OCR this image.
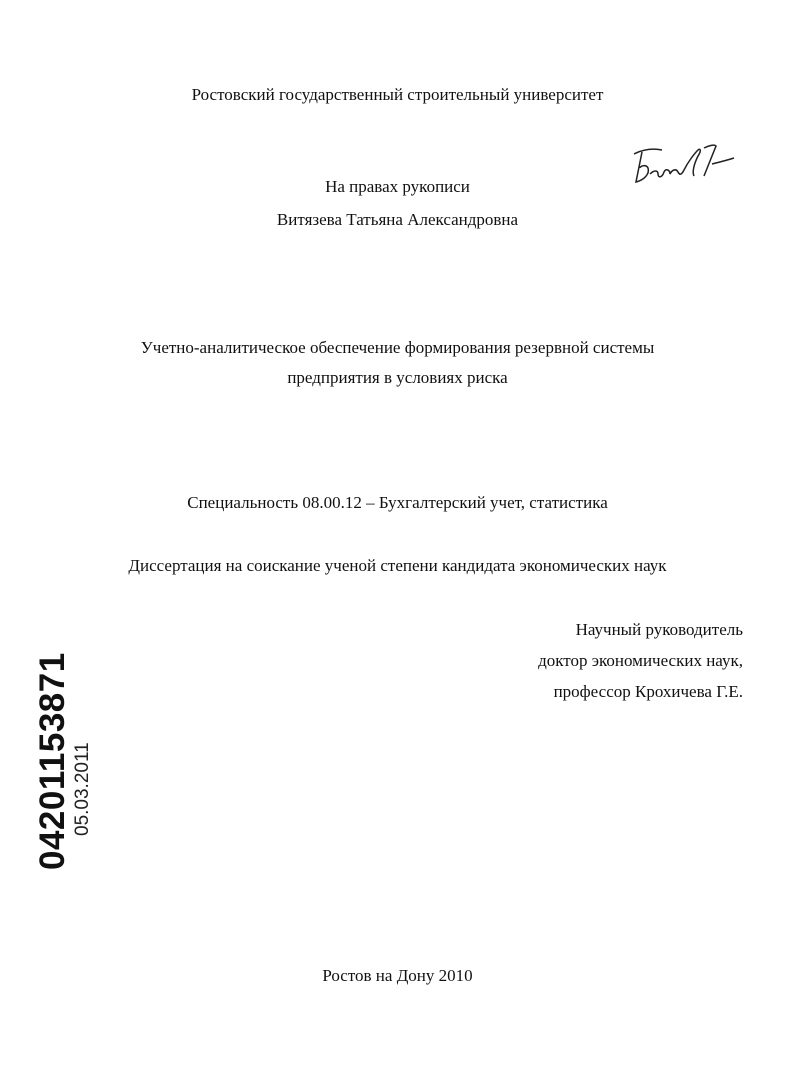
Ростовский государственный строительный университет
На правах рукописи
Витязева Татьяна Александровна
Учетно-аналитическое обеспечение формирования резервной системы
предприятия в условиях риска
Специальность 08.00.12 – Бухгалтерский учет, статистика
Диссертация на соискание ученой степени кандидата экономических наук
Научный руководитель
доктор экономических наук,
профессор Крохичева Г.Е.
Ростов на Дону 2010
04201153871 05.03.2011
